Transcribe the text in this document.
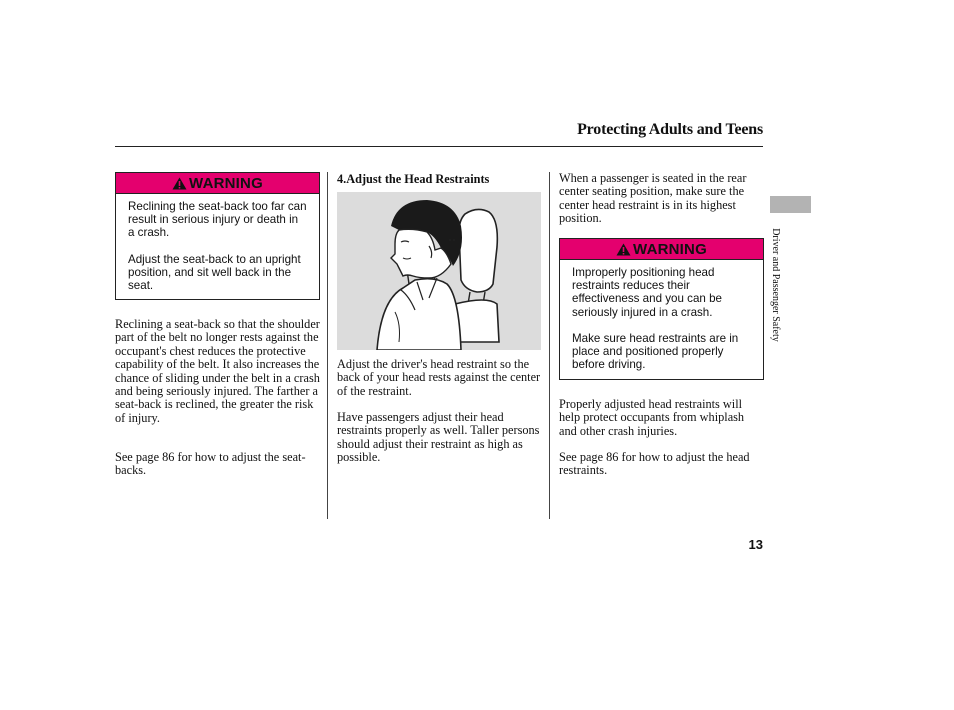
Protecting Adults and Teens
WARNING

Reclining the seat-back too far can result in serious injury or death in a crash.

Adjust the seat-back to an upright position, and sit well back in the seat.

Reclining a seat-back so that the shoulder part of the belt no longer rests against the occupant's chest reduces the protective capability of the belt. It also increases the chance of sliding under the belt in a crash and being seriously injured. The farther a seat-back is reclined, the greater the risk of injury.
See page 86 for how to adjust the seat-backs.
4.Adjust the Head Restraints
Adjust the driver's head restraint so the back of your head rests against the center of the restraint.
Have passengers adjust their head restraints properly as well. Taller persons should adjust their restraint as high as possible.
When a passenger is seated in the rear center seating position, make sure the center head restraint is in its highest position.
WARNING

Improperly positioning head restraints reduces their effectiveness and you can be seriously injured in a crash.

Make sure head restraints are in place and positioned properly before driving.

Properly adjusted head restraints will help protect occupants from whiplash and other crash injuries.
See page 86 for how to adjust the head restraints.
Driver and Passenger Safety
13
